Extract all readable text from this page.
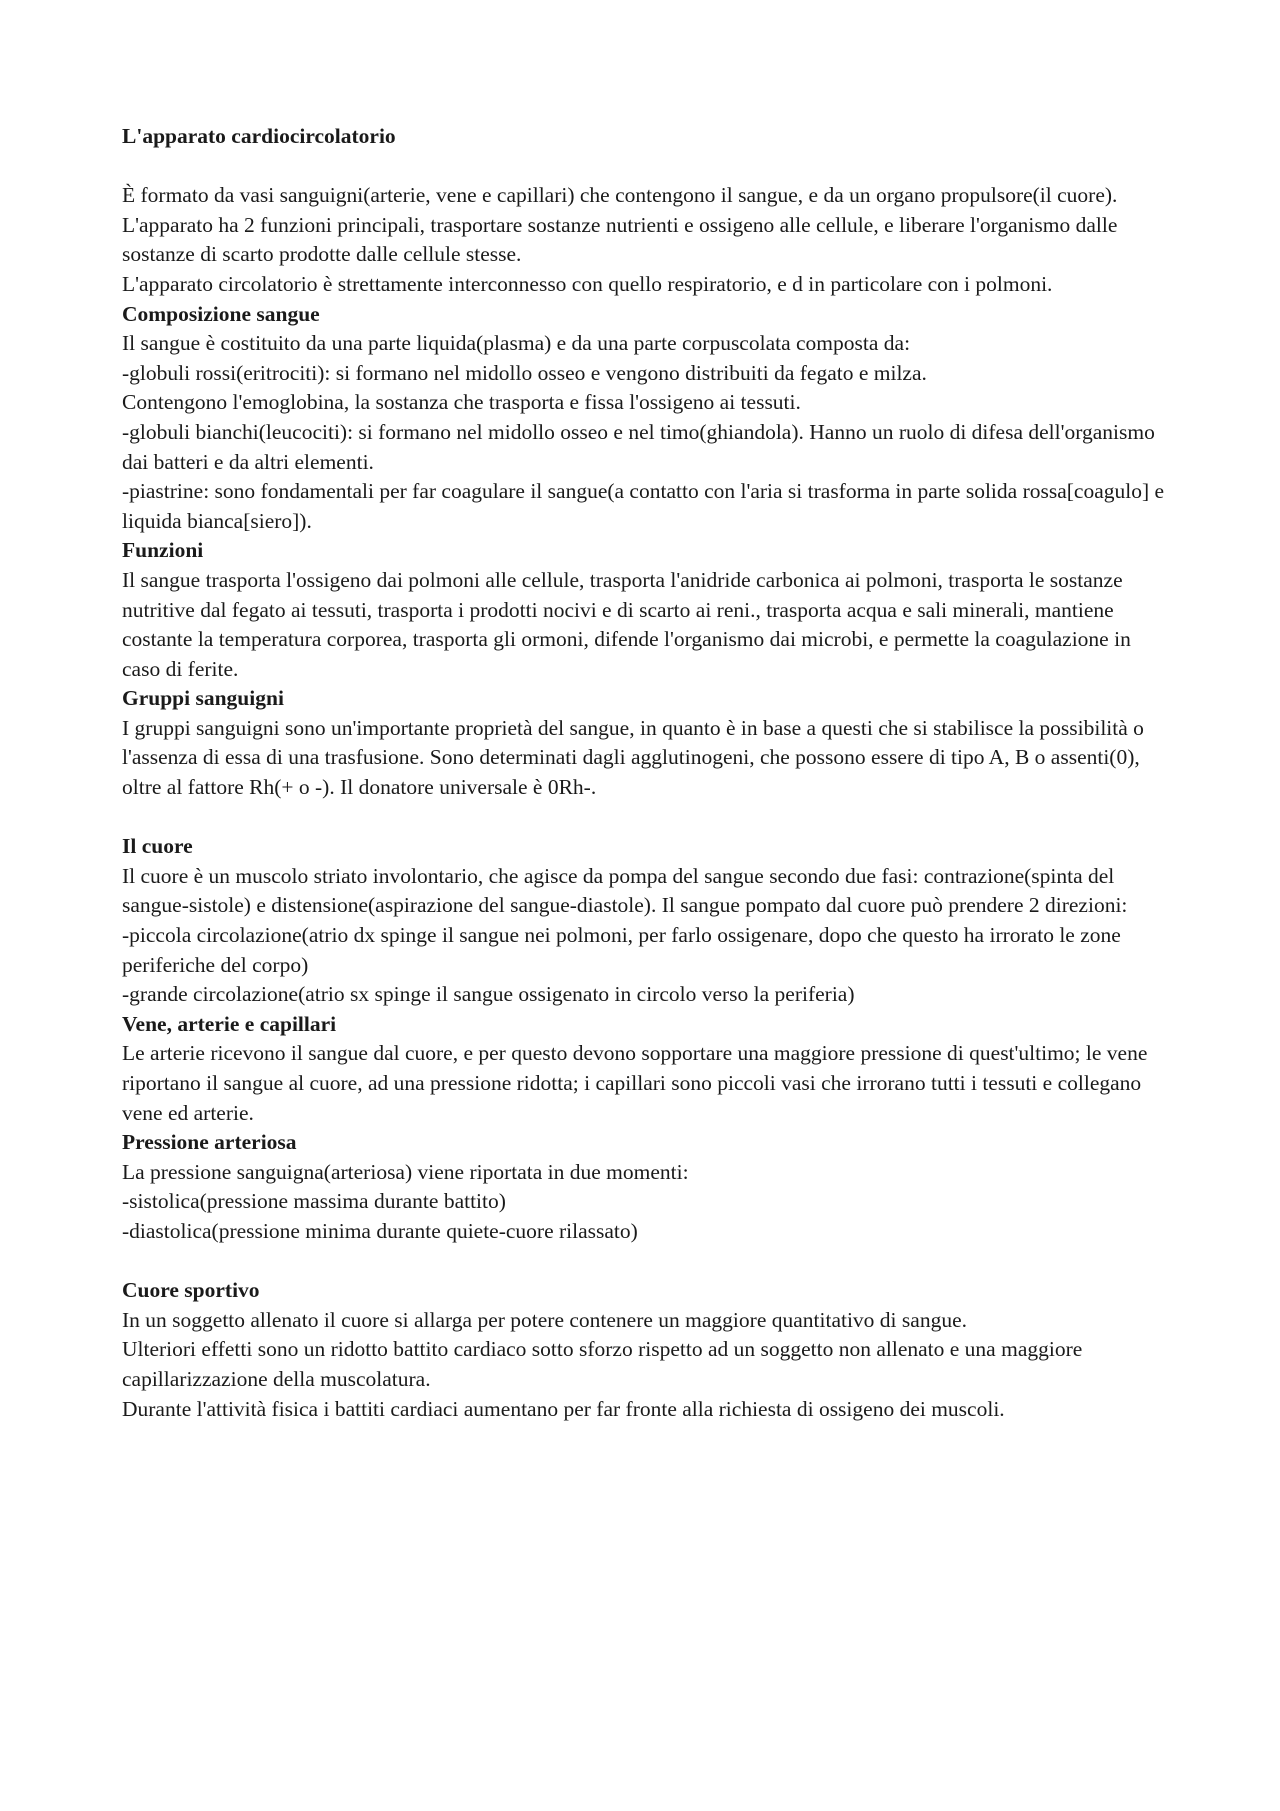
L'apparato cardiocircolatorio

È formato da vasi sanguigni(arterie, vene e capillari) che contengono il sangue, e da un organo propulsore(il cuore).

L'apparato ha 2 funzioni principali, trasportare sostanze nutrienti e ossigeno alle cellule, e liberare l'organismo dalle sostanze di scarto prodotte dalle cellule stesse.

L'apparato circolatorio è strettamente interconnesso con quello respiratorio, e d in particolare con i polmoni.

Composizione sangue

Il sangue è costituito da una parte liquida(plasma) e da una parte corpuscolata composta da:

-globuli rossi(eritrociti): si formano nel midollo osseo e vengono distribuiti da fegato e milza.

Contengono l'emoglobina, la sostanza che trasporta e fissa l'ossigeno ai tessuti.

-globuli bianchi(leucociti): si formano nel midollo osseo e nel timo(ghiandola). Hanno un ruolo di difesa dell'organismo dai batteri e da altri elementi.

-piastrine: sono fondamentali per far coagulare il sangue(a contatto con l'aria si trasforma in parte solida rossa[coagulo] e liquida bianca[siero]).

Funzioni

Il sangue trasporta l'ossigeno dai polmoni alle cellule, trasporta l'anidride carbonica ai polmoni, trasporta le sostanze nutritive dal fegato ai tessuti, trasporta i prodotti nocivi e di scarto ai reni., trasporta acqua e sali minerali, mantiene costante la temperatura corporea, trasporta gli ormoni, difende l'organismo dai microbi, e permette la coagulazione in caso di ferite.

Gruppi sanguigni

I gruppi sanguigni sono un'importante proprietà del sangue, in quanto è in base a questi che si stabilisce la possibilità o l'assenza di essa di una trasfusione. Sono determinati dagli agglutinogeni, che possono essere di tipo A, B o assenti(0), oltre al fattore Rh(+ o -). Il donatore universale è 0Rh-.

Il cuore

Il cuore è un muscolo striato involontario, che agisce da pompa del sangue secondo due fasi: contrazione(spinta del sangue-sistole) e distensione(aspirazione del sangue-diastole). Il sangue pompato dal cuore può prendere 2 direzioni:

-piccola circolazione(atrio dx spinge il sangue nei polmoni, per farlo ossigenare, dopo che questo ha irrorato le zone periferiche del corpo)

-grande circolazione(atrio sx spinge il sangue ossigenato in circolo verso la periferia)

Vene, arterie e capillari

Le arterie ricevono il sangue dal cuore, e per questo devono sopportare una maggiore pressione di quest'ultimo; le vene riportano il sangue al cuore, ad una pressione ridotta; i capillari sono piccoli vasi che irrorano tutti i tessuti e collegano vene ed arterie.

Pressione arteriosa

La pressione sanguigna(arteriosa) viene riportata in due momenti:

-sistolica(pressione massima durante battito)

-diastolica(pressione minima durante quiete-cuore rilassato)

Cuore sportivo

In un soggetto allenato il cuore si allarga per potere contenere un maggiore quantitativo di sangue.

Ulteriori effetti sono un ridotto battito cardiaco sotto sforzo rispetto ad un soggetto non allenato e una maggiore capillarizzazione della muscolatura.

Durante l'attività fisica i battiti cardiaci aumentano per far fronte alla richiesta di ossigeno dei muscoli.
